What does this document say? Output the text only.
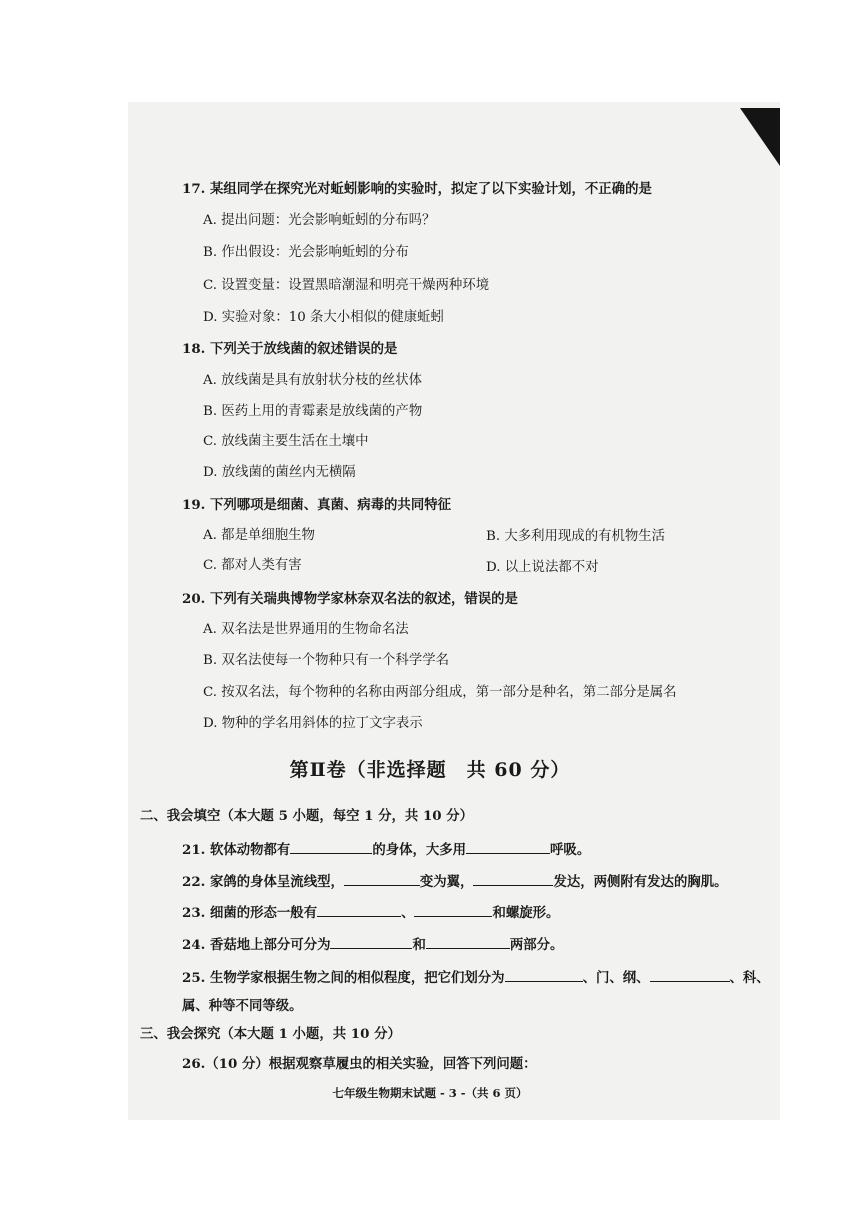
17. 某组同学在探究光对蚯蚓影响的实验时，拟定了以下实验计划，不正确的是
A. 提出问题：光会影响蚯蚓的分布吗？
B. 作出假设：光会影响蚯蚓的分布
C. 设置变量：设置黑暗潮湿和明亮干燥两种环境
D. 实验对象：10 条大小相似的健康蚯蚓
18. 下列关于放线菌的叙述错误的是
A. 放线菌是具有放射状分枝的丝状体
B. 医药上用的青霉素是放线菌的产物
C. 放线菌主要生活在土壤中
D. 放线菌的菌丝内无横隔
19. 下列哪项是细菌、真菌、病毒的共同特征
A. 都是单细胞生物	B. 大多利用现成的有机物生活
C. 都对人类有害	D. 以上说法都不对
20. 下列有关瑞典博物学家林奈双名法的叙述，错误的是
A. 双名法是世界通用的生物命名法
B. 双名法使每一个物种只有一个科学学名
C. 按双名法，每个物种的名称由两部分组成，第一部分是种名，第二部分是属名
D. 物种的学名用斜体的拉丁文字表示
第Ⅱ卷（非选择题　共 60 分）
二、我会填空（本大题 5 小题，每空 1 分，共 10 分）
21. 软体动物都有	的身体，大多用	呼吸。
22. 家鸽的身体呈流线型，	变为翼，	发达，两侧附有发达的胸肌。
23. 细菌的形态一般有	、	和螺旋形。
24. 香菇地上部分可分为	和	两部分。
25. 生物学家根据生物之间的相似程度，把它们划分为	、门、纲、	、科、
属、种等不同等级。
三、我会探究（本大题 1 小题，共 10 分）
26.（10 分）根据观察草履虫的相关实验，回答下列问题：
七年级生物期末试题 - 3 -（共 6 页）
